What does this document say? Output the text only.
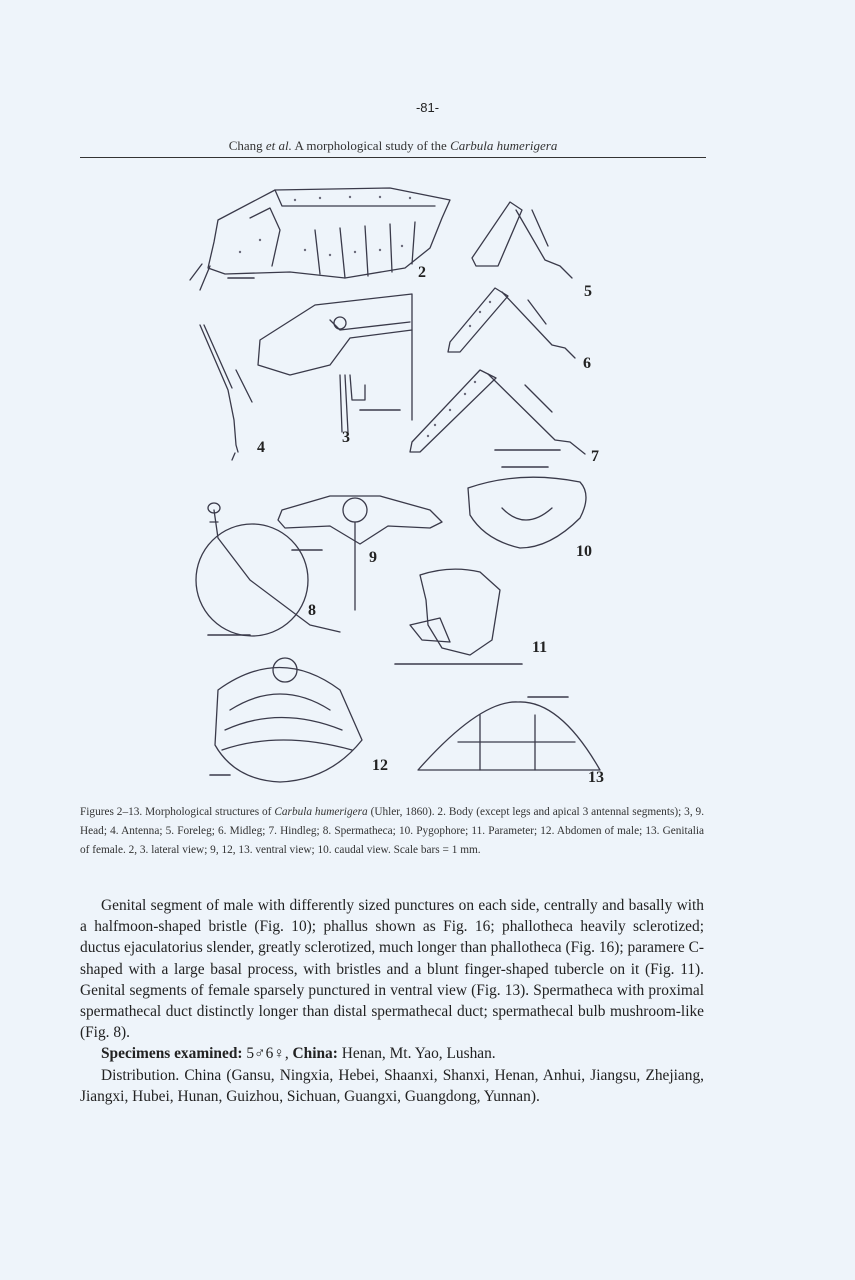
-81-
Chang et al. A morphological study of the Carbula humerigera
2
3
4
5
6
7
8
9	10
11
12
13
Figures 2–13. Morphological structures of Carbula humerigera (Uhler, 1860). 2. Body (except legs and apical 3 antennal segments); 3, 9. Head; 4. Antenna; 5. Foreleg; 6. Midleg; 7. Hindleg; 8. Spermatheca; 10. Pygophore; 11. Parameter; 12. Abdomen of male; 13. Genitalia of female. 2, 3. lateral view; 9, 12, 13. ventral view; 10. caudal view. Scale bars = 1 mm.

Genital segment of male with differently sized punctures on each side, centrally and basally with a halfmoon-shaped bristle (Fig. 10); phallus shown as Fig. 16; phallotheca heavily sclerotized; ductus ejaculatorius slender, greatly sclerotized, much longer than phallotheca (Fig. 16); paramere C-shaped with a large basal process, with bristles and a blunt finger-shaped tubercle on it (Fig. 11). Genital segments of female sparsely punctured in ventral view (Fig. 13). Spermatheca with proximal spermathecal duct distinctly longer than distal spermathecal duct; spermathecal bulb mushroom-like (Fig. 8).

Specimens examined: 5♂︎6♀︎, China: Henan, Mt. Yao, Lushan.

Distribution. China (Gansu, Ningxia, Hebei, Shaanxi, Shanxi, Henan, Anhui, Jiangsu, Zhejiang, Jiangxi, Hubei, Hunan, Guizhou, Sichuan, Guangxi, Guangdong, Yunnan).
